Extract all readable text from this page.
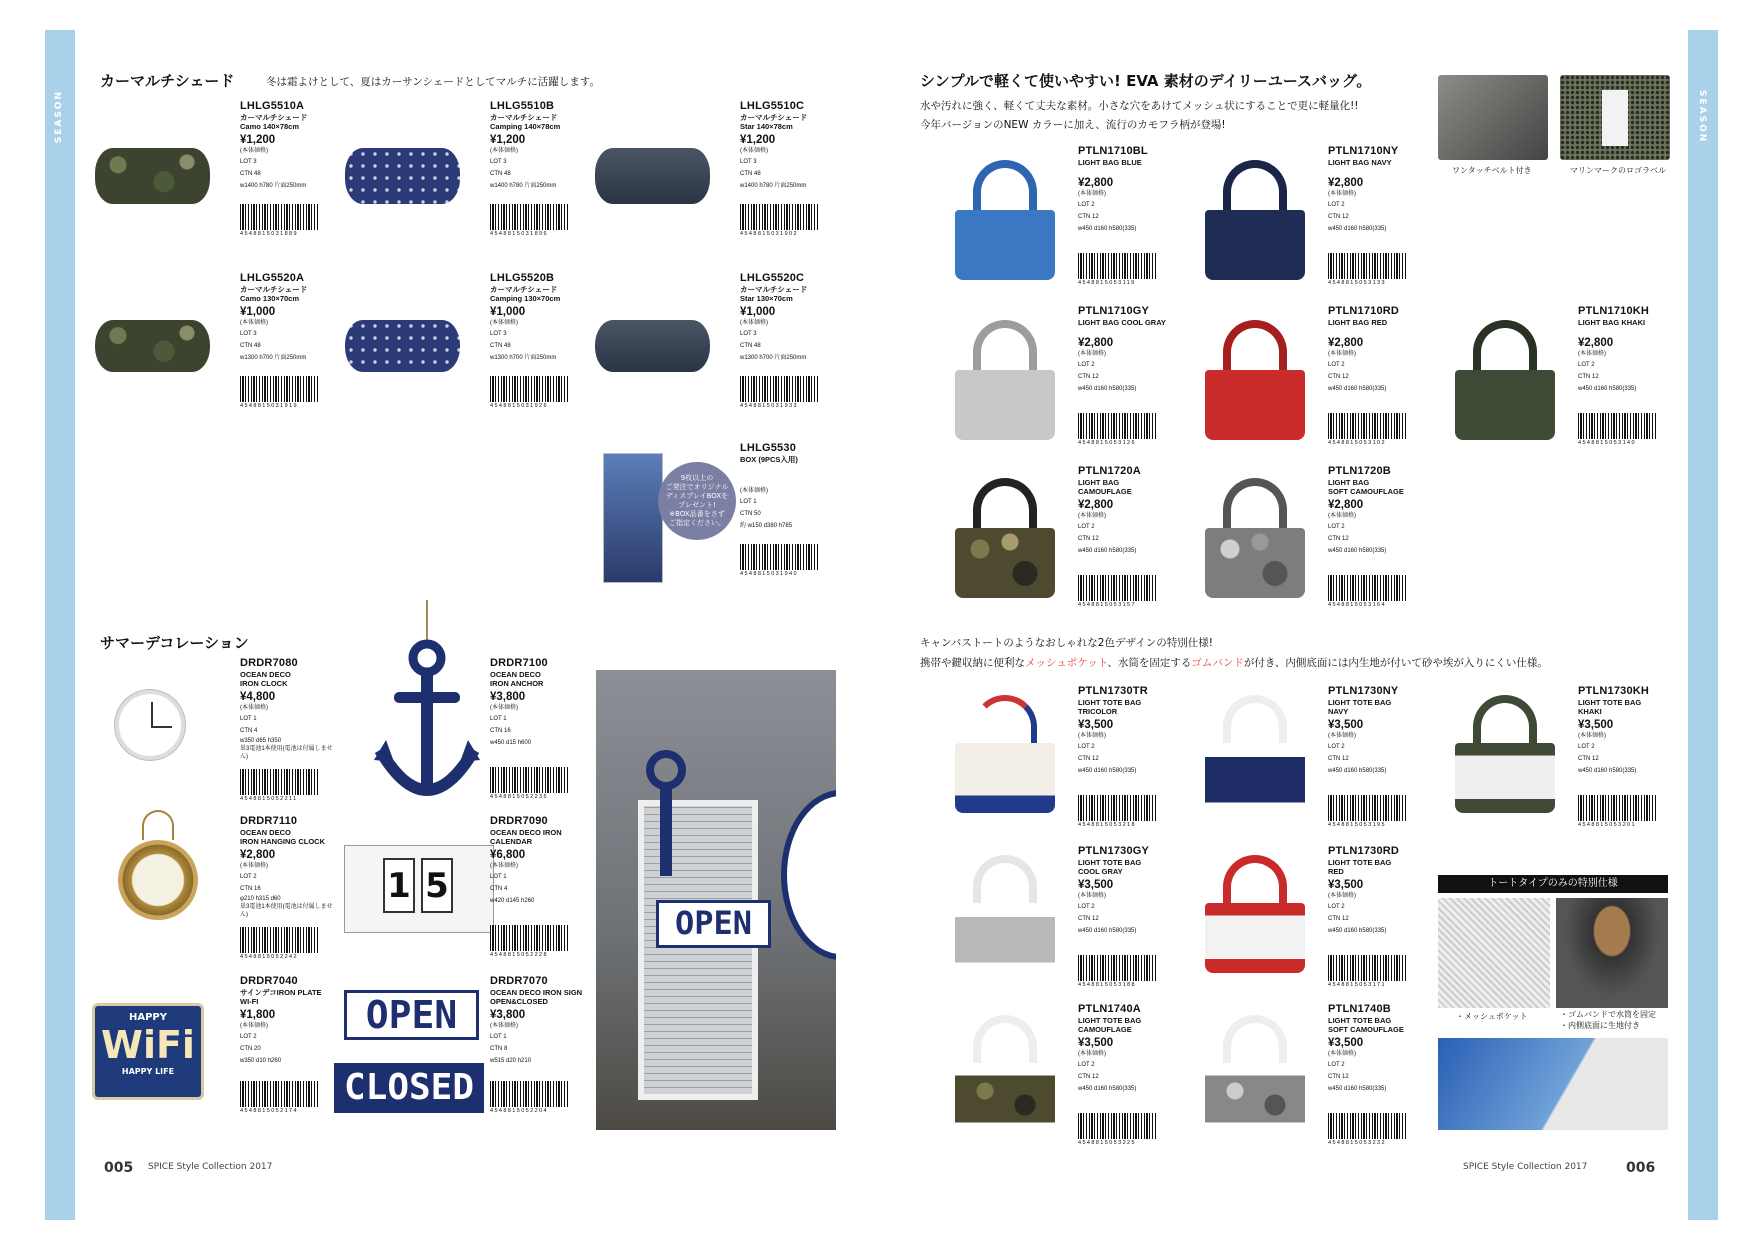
SEASON	SEASON
カーマルチシェード	冬は霜よけとして、夏はカーサンシェードとしてマルチに活躍します。
サマーデコレーション
9枚以上の
ご発注でオリジナル
ディスプレイBOXを
プレゼント!
※BOX品番をさず
ご指定ください。
1 5
HAPPY
WiFi
HAPPY LIFE
OPEN
CLOSED
OPEN
LHLG5510A
カーマルチシェード
Camo 140×78cm
¥1,200
(本体価格)
LOT 3
CTN 48
w1400 h780 片面250mm
4548815031889
LHLG5510B
カーマルチシェード
Camping 140×78cm
¥1,200
(本体価格)
LOT 3
CTN 48
w1400 h780 片面250mm
4548815031896
LHLG5510C
カーマルチシェード
Star 140×78cm
¥1,200
(本体価格)
LOT 3
CTN 48
w1400 h780 片面250mm
4548815031902
LHLG5520A
カーマルチシェード
Camo 130×70cm
¥1,000
(本体価格)
LOT 3
CTN 48
w1300 h700 片面250mm
4548815031919
LHLG5520B
カーマルチシェード
Camping 130×70cm
¥1,000
(本体価格)
LOT 3
CTN 48
w1300 h700 片面250mm
4548815031926
LHLG5520C
カーマルチシェード
Star 130×70cm
¥1,000
(本体価格)
LOT 3
CTN 48
w1300 h700 片面250mm
4548815031933
LHLG5530
BOX (9PCS入用)
(本体価格)
LOT 1
CTN 50
約 w150 d380 h785
4548815031940
DRDR7080
OCEAN DECO
IRON CLOCK
¥4,800
(本体価格)
LOT 1
CTN 4
w350 d65 h350
単3電池1本使用(電池は付属しません)
4548815052211
DRDR7100
OCEAN DECO
IRON ANCHOR
¥3,800
(本体価格)
LOT 1
CTN 16
w450 d15 h600
4548815052235
DRDR7110
OCEAN DECO
IRON HANGING CLOCK
¥2,800
(本体価格)
LOT 2
CTN 16
φ210 h315 d60
単3電池1本使用(電池は付属しません)
4548815052242
DRDR7090
OCEAN DECO IRON
CALENDAR
¥6,800
(本体価格)
LOT 1
CTN 4
w420 d145 h260
4548815052228
DRDR7040
サインデコIRON PLATE
WI-FI
¥1,800
(本体価格)
LOT 2
CTN 20
w350 d10 h260
4548815052174
DRDR7070
OCEAN DECO IRON SIGN
OPEN&CLOSED
¥3,800
(本体価格)
LOT 1
CTN 8
w515 d20 h210
4548815052204
005 SPICE Style Collection 2017
シンプルで軽くて使いやすい! EVA 素材のデイリーユースバッグ。
水や汚れに強く、軽くて丈夫な素材。小さな穴をあけてメッシュ状にすることで更に軽量化!!
今年バージョンのNEW カラーに加え、流行のカモフラ柄が登場!
ワンタッチベルト付き	マリンマークのロゴラベル
キャンバストートのようなおしゃれな2色デザインの特別仕様!
携帯や鍵収納に便利なメッシュポケット、水筒を固定するゴムバンドが付き、内側底面には内生地が付いて砂や埃が入りにくい仕様。
トートタイプのみの特別仕様
・メッシュポケット	・ゴムバンドで水筒を固定
・内側底面に生地付き
PTLN1710BL
LIGHT BAG BLUE
¥2,800
(本体価格)
LOT 2
CTN 12
w450 d160 h580(335)
4548815053119
PTLN1710NY
LIGHT BAG NAVY
¥2,800
(本体価格)
LOT 2
CTN 12
w450 d160 h580(335)
4548815053133
PTLN1710GY
LIGHT BAG COOL GRAY
¥2,800
(本体価格)
LOT 2
CTN 12
w450 d160 h580(335)
4548815053126
PTLN1710RD
LIGHT BAG RED
¥2,800
(本体価格)
LOT 2
CTN 12
w450 d160 h580(335)
4548815053102
PTLN1710KH
LIGHT BAG KHAKI
¥2,800
(本体価格)
LOT 2
CTN 12
w450 d160 h580(335)
4548815053140
PTLN1720A
LIGHT BAG
CAMOUFLAGE
¥2,800
(本体価格)
LOT 2
CTN 12
w450 d160 h580(335)
4548815053157
PTLN1720B
LIGHT BAG
SOFT CAMOUFLAGE
¥2,800
(本体価格)
LOT 2
CTN 12
w450 d160 h580(335)
4548815053164
PTLN1730TR
LIGHT TOTE BAG
TRICOLOR
¥3,500
(本体価格)
LOT 2
CTN 12
w450 d160 h580(335)
4548815053218
PTLN1730NY
LIGHT TOTE BAG
NAVY
¥3,500
(本体価格)
LOT 2
CTN 12
w450 d160 h580(335)
4548815053195
PTLN1730KH
LIGHT TOTE BAG
KHAKI
¥3,500
(本体価格)
LOT 2
CTN 12
w450 d160 h580(335)
4548815053201
PTLN1730GY
LIGHT TOTE BAG
COOL GRAY
¥3,500
(本体価格)
LOT 2
CTN 12
w450 d160 h580(335)
4548815053188
PTLN1730RD
LIGHT TOTE BAG
RED
¥3,500
(本体価格)
LOT 2
CTN 12
w450 d160 h580(335)
4548815053171
PTLN1740A
LIGHT TOTE BAG
CAMOUFLAGE
¥3,500
(本体価格)
LOT 2
CTN 12
w450 d160 h580(335)
4548815053225
PTLN1740B
LIGHT TOTE BAG
SOFT CAMOUFLAGE
¥3,500
(本体価格)
LOT 2
CTN 12
w450 d160 h580(335)
4548815053232
SPICE Style Collection 2017	006
